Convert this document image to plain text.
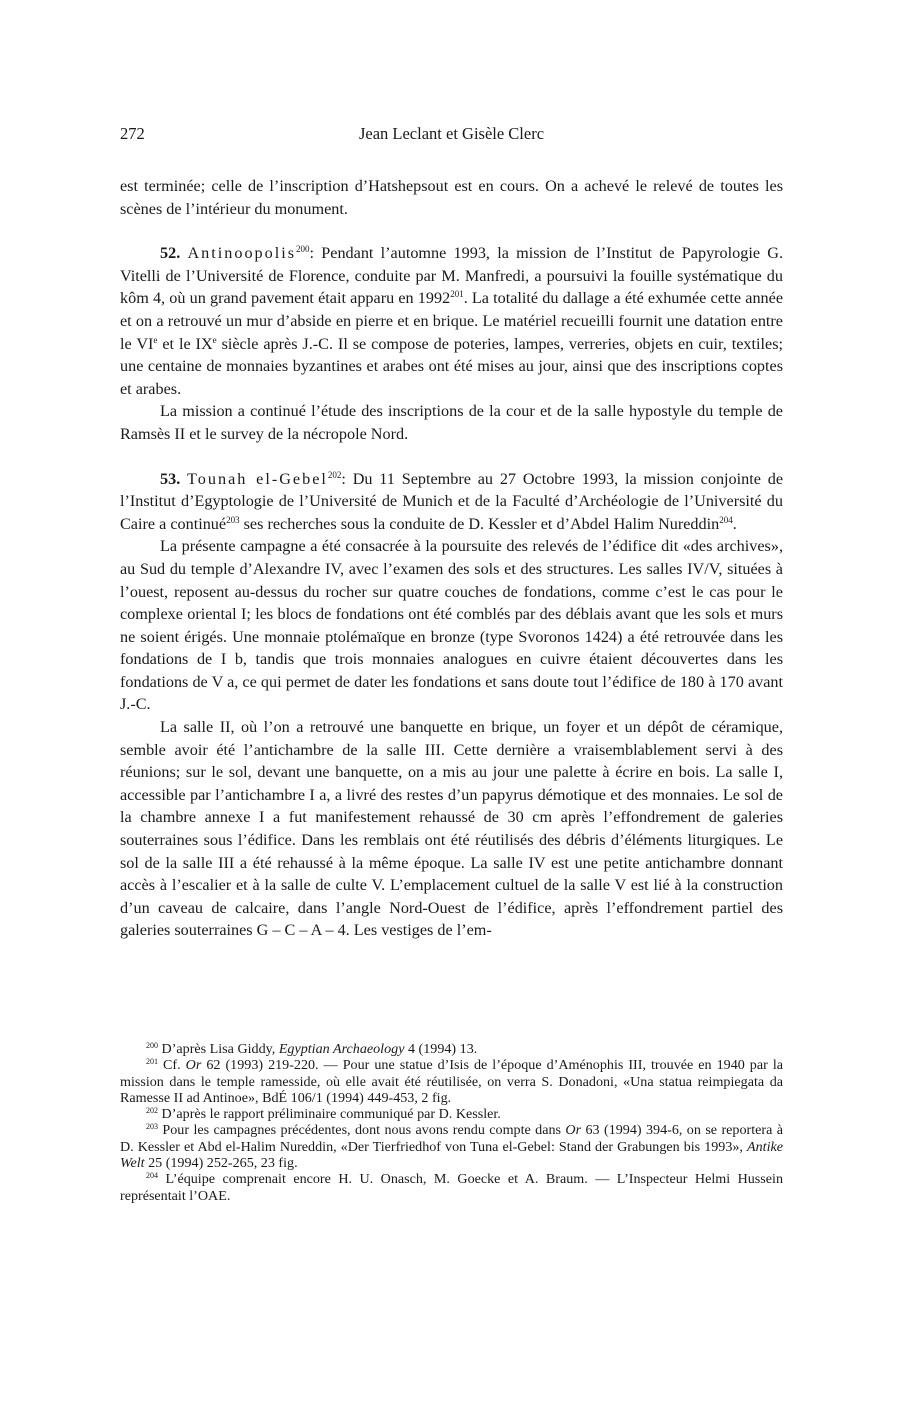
272	Jean Leclant et Gisèle Clerc

est terminée; celle de l’inscription d’Hatshepsout est en cours. On a achevé le relevé de toutes les scènes de l’intérieur du monument.

52. Antinoopolis$^{200}$: Pendant l’automne 1993, la mission de l’Institut de Papyrologie G. Vitelli de l’Université de Florence, conduite par M. Manfredi, a poursuivi la fouille systématique du kôm 4, où un grand pavement était apparu en 1992$^{201}$. La totalité du dallage a été exhumée cette année et on a retrouvé un mur d’abside en pierre et en brique. Le matériel recueilli fournit une datation entre le VIe et le IXe siècle après J.-C. Il se compose de poteries, lampes, verreries, objets en cuir, textiles; une centaine de monnaies byzantines et arabes ont été mises au jour, ainsi que des inscriptions coptes et arabes.

La mission a continué l’étude des inscriptions de la cour et de la salle hypostyle du temple de Ramsès II et le survey de la nécropole Nord.

53. Tounah el-Gebel$^{202}$: Du 11 Septembre au 27 Octobre 1993, la mission conjointe de l’Institut d’Egyptologie de l’Université de Munich et de la Faculté d’Archéologie de l’Université du Caire a continué$^{203}$ ses recherches sous la conduite de D. Kessler et d’Abdel Halim Nureddin$^{204}$.

La présente campagne a été consacrée à la poursuite des relevés de l’édifice dit «des archives», au Sud du temple d’Alexandre IV, avec l’examen des sols et des structures. Les salles IV/V, situées à l’ouest, reposent au-dessus du rocher sur quatre couches de fondations, comme c’est le cas pour le complexe oriental I; les blocs de fondations ont été comblés par des déblais avant que les sols et murs ne soient érigés. Une monnaie ptolémaïque en bronze (type Svoronos 1424) a été retrouvée dans les fondations de I b, tandis que trois monnaies analogues en cuivre étaient découvertes dans les fondations de V a, ce qui permet de dater les fondations et sans doute tout l’édifice de 180 à 170 avant J.-C.

La salle II, où l’on a retrouvé une banquette en brique, un foyer et un dépôt de céramique, semble avoir été l’antichambre de la salle III. Cette dernière a vraisemblablement servi à des réunions; sur le sol, devant une banquette, on a mis au jour une palette à écrire en bois. La salle I, accessible par l’antichambre I a, a livré des restes d’un papyrus démotique et des monnaies. Le sol de la chambre annexe I a fut manifestement rehaussé de 30 cm après l’effondrement de galeries souterraines sous l’édifice. Dans les remblais ont été réutilisés des débris d’éléments liturgiques. Le sol de la salle III a été rehaussé à la même époque. La salle IV est une petite antichambre donnant accès à l’escalier et à la salle de culte V. L’emplacement cultuel de la salle V est lié à la construction d’un caveau de calcaire, dans l’angle Nord-Ouest de l’édifice, après l’effondrement partiel des galeries souterraines G – C – A – 4. Les vestiges de l’em-

$^{200}$ D’après Lisa Giddy, Egyptian Archaeology 4 (1994) 13.

$^{201}$ Cf. Or 62 (1993) 219-220. — Pour une statue d’Isis de l’époque d’Aménophis III, trouvée en 1940 par la mission dans le temple ramesside, où elle avait été réutilisée, on verra S. Donadoni, «Una statua reimpiegata da Ramesse II ad Antinoe», BdÉ 106/1 (1994) 449-453, 2 fig.

$^{202}$ D’après le rapport préliminaire communiqué par D. Kessler.

$^{203}$ Pour les campagnes précédentes, dont nous avons rendu compte dans Or 63 (1994) 394-6, on se reportera à D. Kessler et Abd el-Halim Nureddin, «Der Tierfriedhof von Tuna el-Gebel: Stand der Grabungen bis 1993», Antike Welt 25 (1994) 252-265, 23 fig.

$^{204}$ L’équipe comprenait encore H. U. Onasch, M. Goecke et A. Braum. — L’Inspecteur Helmi Hussein représentait l’OAE.
